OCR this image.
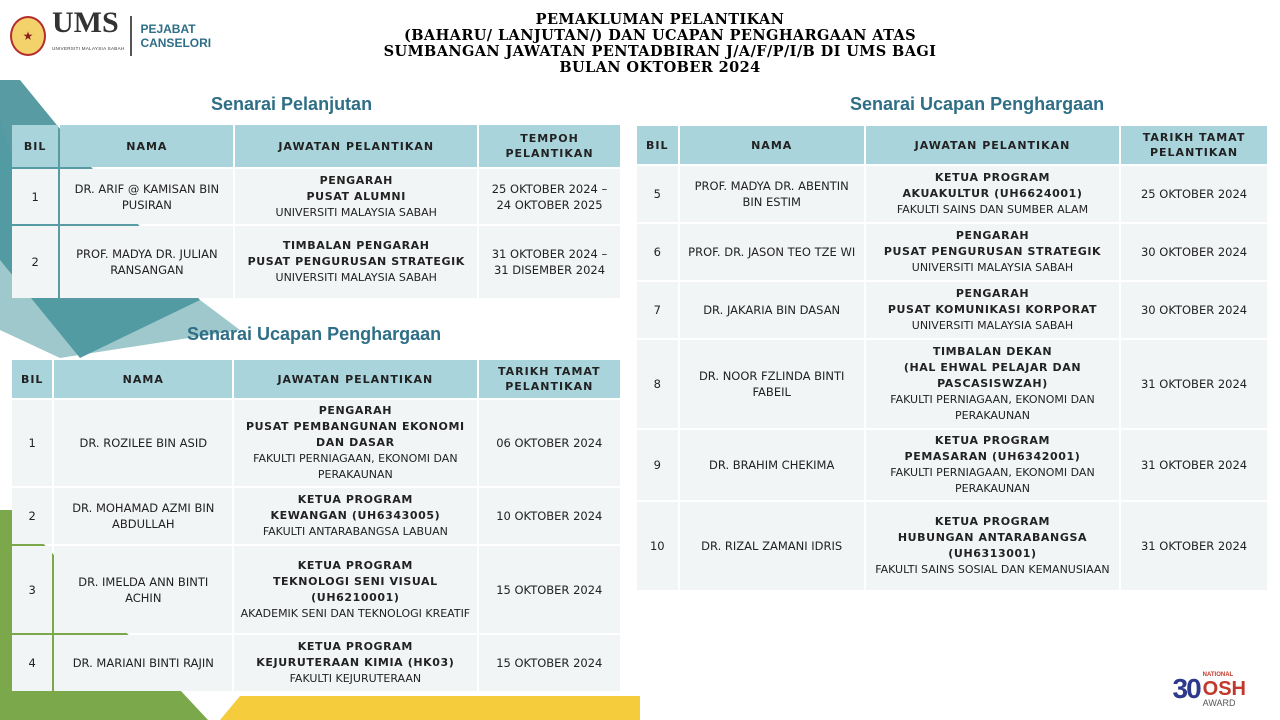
★ UMS
UNIVERSITI MALAYSIA SABAH
PEJABAT
CANSELORI
PEMAKLUMAN PELANTIKAN
(BAHARU/ LANJUTAN/) DAN UCAPAN PENGHARGAAN ATAS
SUMBANGAN JAWATAN PENTADBIRAN J/A/F/P/I/B DI UMS BAGI
BULAN OKTOBER 2024
Senarai Pelanjutan
Senarai Ucapan Penghargaan
Senarai Ucapan Penghargaan
BIL	NAMA	JAWATAN PELANTIKAN	TEMPOH PELANTIKAN
1	DR. ARIF @ KAMISAN BIN PUSIRAN	PENGARAH
PUSAT ALUMNI
UNIVERSITI MALAYSIA SABAH	25 OKTOBER 2024 – 24 OKTOBER 2025
2	PROF. MADYA DR. JULIAN RANSANGAN	TIMBALAN PENGARAH
PUSAT PENGURUSAN STRATEGIK
UNIVERSITI MALAYSIA SABAH	31 OKTOBER 2024 – 31 DISEMBER 2024
BIL	NAMA	JAWATAN PELANTIKAN	TARIKH TAMAT PELANTIKAN
1	DR. ROZILEE BIN ASID	PENGARAH
PUSAT PEMBANGUNAN EKONOMI DAN DASAR
FAKULTI PERNIAGAAN, EKONOMI DAN PERAKAUNAN	06 OKTOBER 2024
2	DR. MOHAMAD AZMI BIN ABDULLAH	KETUA PROGRAM
KEWANGAN (UH6343005)
FAKULTI ANTARABANGSA LABUAN	10 OKTOBER 2024
3	DR. IMELDA ANN BINTI ACHIN	KETUA PROGRAM
TEKNOLOGI SENI VISUAL (UH6210001)
AKADEMIK SENI DAN TEKNOLOGI KREATIF	15 OKTOBER 2024
4	DR. MARIANI BINTI RAJIN	KETUA PROGRAM
KEJURUTERAAN KIMIA (HK03)
FAKULTI KEJURUTERAAN	15 OKTOBER 2024
BIL	NAMA	JAWATAN PELANTIKAN	TARIKH TAMAT PELANTIKAN
5	PROF. MADYA DR. ABENTIN BIN ESTIM	KETUA PROGRAM
AKUAKULTUR (UH6624001)
FAKULTI SAINS DAN SUMBER ALAM	25 OKTOBER 2024
6	PROF. DR. JASON TEO TZE WI	PENGARAH
PUSAT PENGURUSAN STRATEGIK
UNIVERSITI MALAYSIA SABAH	30 OKTOBER 2024
7	DR. JAKARIA BIN DASAN	PENGARAH
PUSAT KOMUNIKASI KORPORAT
UNIVERSITI MALAYSIA SABAH	30 OKTOBER 2024
8	DR. NOOR FZLINDA BINTI FABEIL	TIMBALAN DEKAN
(HAL EHWAL PELAJAR DAN PASCASISWZAH)
FAKULTI PERNIAGAAN, EKONOMI DAN PERAKAUNAN	31 OKTOBER 2024
9	DR. BRAHIM CHEKIMA	KETUA PROGRAM
PEMASARAN (UH6342001)
FAKULTI PERNIAGAAN, EKONOMI DAN PERAKAUNAN	31 OKTOBER 2024
10	DR. RIZAL ZAMANI IDRIS	KETUA PROGRAM
HUBUNGAN ANTARABANGSA (UH6313001)
FAKULTI SAINS SOSIAL DAN KEMANUSIAAN	31 OKTOBER 2024
30 NATIONAL
OSH
AWARD
